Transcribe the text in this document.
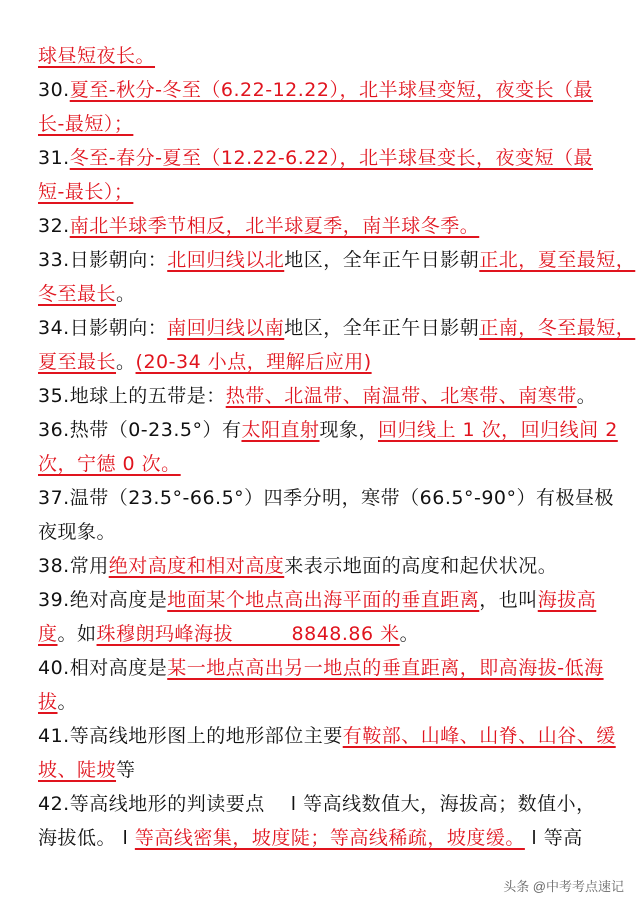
球昼短夜长。
30.夏至-秋分-冬至（6.22-12.22），北半球昼变短，夜变长（最
长-最短）；
31.冬至-春分-夏至（12.22-6.22），北半球昼变长，夜变短（最
短-最长）；
32.南北半球季节相反，北半球夏季，南半球冬季。
33.日影朝向：北回归线以北地区，全年正午日影朝正北，夏至最短，
冬至最长。
34.日影朝向：南回归线以南地区，全年正午日影朝正南，冬至最短，
夏至最长。(20-34 小点，理解后应用)
35.地球上的五带是：热带、北温带、南温带、北寒带、南寒带。
36.热带（0-23.5°）有太阳直射现象，回归线上 1 次，回归线间 2
次，宁德 0 次。
37.温带（23.5°-66.5°）四季分明，寒带（66.5°-90°）有极昼极
夜现象。
38.常用绝对高度和相对高度来表示地面的高度和起伏状况。
39.绝对高度是地面某个地点高出海平面的垂直距离，也叫海拔高
度。如珠穆朗玛峰海拔　　　8848.86 米。
40.相对高度是某一地点高出另一地点的垂直距离，即高海拔-低海
拔。
41.等高线地形图上的地形部位主要有鞍部、山峰、山脊、山谷、缓
坡、陡坡等
42.等高线地形的判读要点　 l 等高线数值大，海拔高；数值小，
海拔低。 l 等高线密集，坡度陡；等高线稀疏，坡度缓。 l 等高
头条 @中考考点速记
